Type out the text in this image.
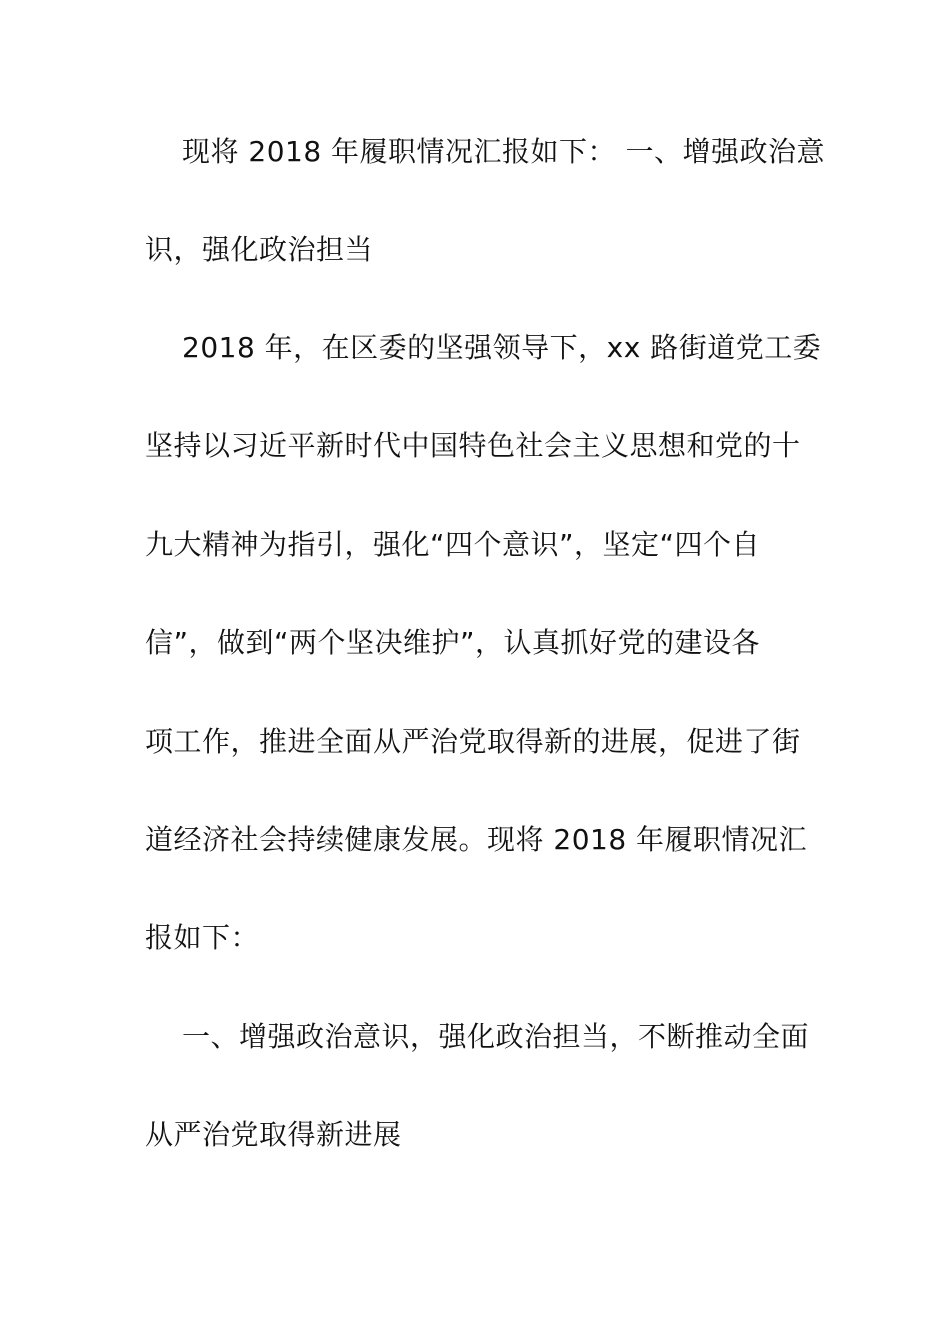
现将 2018 年履职情况汇报如下： 一、增强政治意
识，强化政治担当
2018 年，在区委的坚强领导下，xx 路街道党工委
坚持以习近平新时代中国特色社会主义思想和党的十
九大精神为指引，强化“四个意识”，坚定“四个自
信”，做到“两个坚决维护”，认真抓好党的建设各
项工作，推进全面从严治党取得新的进展，促进了街
道经济社会持续健康发展。现将 2018 年履职情况汇
报如下：
一、增强政治意识，强化政治担当，不断推动全面
从严治党取得新进展
